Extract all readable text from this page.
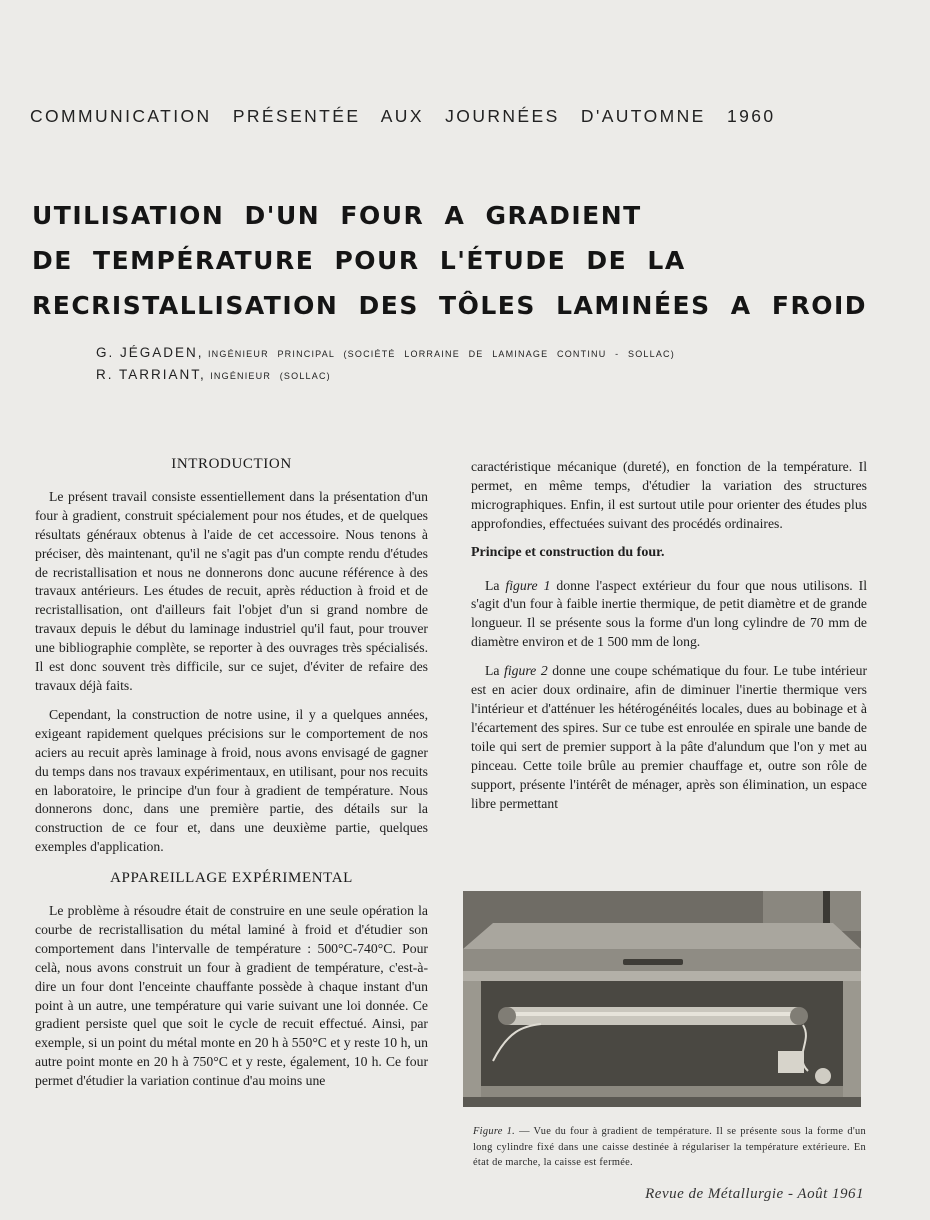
COMMUNICATION PRÉSENTÉE AUX JOURNÉES D'AUTOMNE 1960
UTILISATION D'UN FOUR A GRADIENT
DE TEMPÉRATURE POUR L'ÉTUDE DE LA
RECRISTALLISATION DES TÔLES LAMINÉES A FROID
G. JÉGADEN, INGÉNIEUR PRINCIPAL (SOCIÉTÉ LORRAINE DE LAMINAGE CONTINU - SOLLAC)
R. TARRIANT, INGÉNIEUR (SOLLAC)
INTRODUCTION

Le présent travail consiste essentiellement dans la présentation d'un four à gradient, construit spécialement pour nos études, et de quelques résultats généraux obtenus à l'aide de cet accessoire. Nous tenons à préciser, dès maintenant, qu'il ne s'agit pas d'un compte rendu d'études de recristallisation et nous ne donnerons donc aucune référence à des travaux antérieurs. Les études de recuit, après réduction à froid et de recristallisation, ont d'ailleurs fait l'objet d'un si grand nombre de travaux depuis le début du laminage industriel qu'il faut, pour trouver une bibliographie complète, se reporter à des ouvrages très spécialisés. Il est donc souvent très difficile, sur ce sujet, d'éviter de refaire des travaux déjà faits.

Cependant, la construction de notre usine, il y a quelques années, exigeant rapidement quelques précisions sur le comportement de nos aciers au recuit après laminage à froid, nous avons envisagé de gagner du temps dans nos travaux expérimentaux, en utilisant, pour nos recuits en laboratoire, le principe d'un four à gradient de température. Nous donnerons donc, dans une première partie, des détails sur la construction de ce four et, dans une deuxième partie, quelques exemples d'application.

APPAREILLAGE EXPÉRIMENTAL

Le problème à résoudre était de construire en une seule opération la courbe de recristallisation du métal laminé à froid et d'étudier son comportement dans l'intervalle de température : 500°C-740°C. Pour celà, nous avons construit un four à gradient de température, c'est-à-dire un four dont l'enceinte chauffante possède à chaque instant d'un point à un autre, une température qui varie suivant une loi donnée. Ce gradient persiste quel que soit le cycle de recuit effectué. Ainsi, par exemple, si un point du métal monte en 20 h à 550°C et y reste 10 h, un autre point monte en 20 h à 750°C et y reste, également, 10 h. Ce four permet d'étudier la variation continue d'au moins une

caractéristique mécanique (dureté), en fonction de la température. Il permet, en même temps, d'étudier la variation des structures micrographiques. Enfin, il est surtout utile pour orienter des études plus approfondies, effectuées suivant des procédés ordinaires.

Principe et construction du four.

La figure 1 donne l'aspect extérieur du four que nous utilisons. Il s'agit d'un four à faible inertie thermique, de petit diamètre et de grande longueur. Il se présente sous la forme d'un long cylindre de 70 mm de diamètre environ et de 1 500 mm de long.

La figure 2 donne une coupe schématique du four. Le tube intérieur est en acier doux ordinaire, afin de diminuer l'inertie thermique vers l'intérieur et d'atténuer les hétérogénéités locales, dues au bobinage et à l'écartement des spires. Sur ce tube est enroulée en spirale une bande de toile qui sert de premier support à la pâte d'alundum que l'on y met au pinceau. Cette toile brûle au premier chauffage et, outre son rôle de support, présente l'intérêt de ménager, après son élimination, un espace libre permettant

Figure 1. — Vue du four à gradient de température. Il se présente sous la forme d'un long cylindre fixé dans une caisse destinée à régulariser la température extérieure. En état de marche, la caisse est fermée.
Revue de Métallurgie - Août 1961
